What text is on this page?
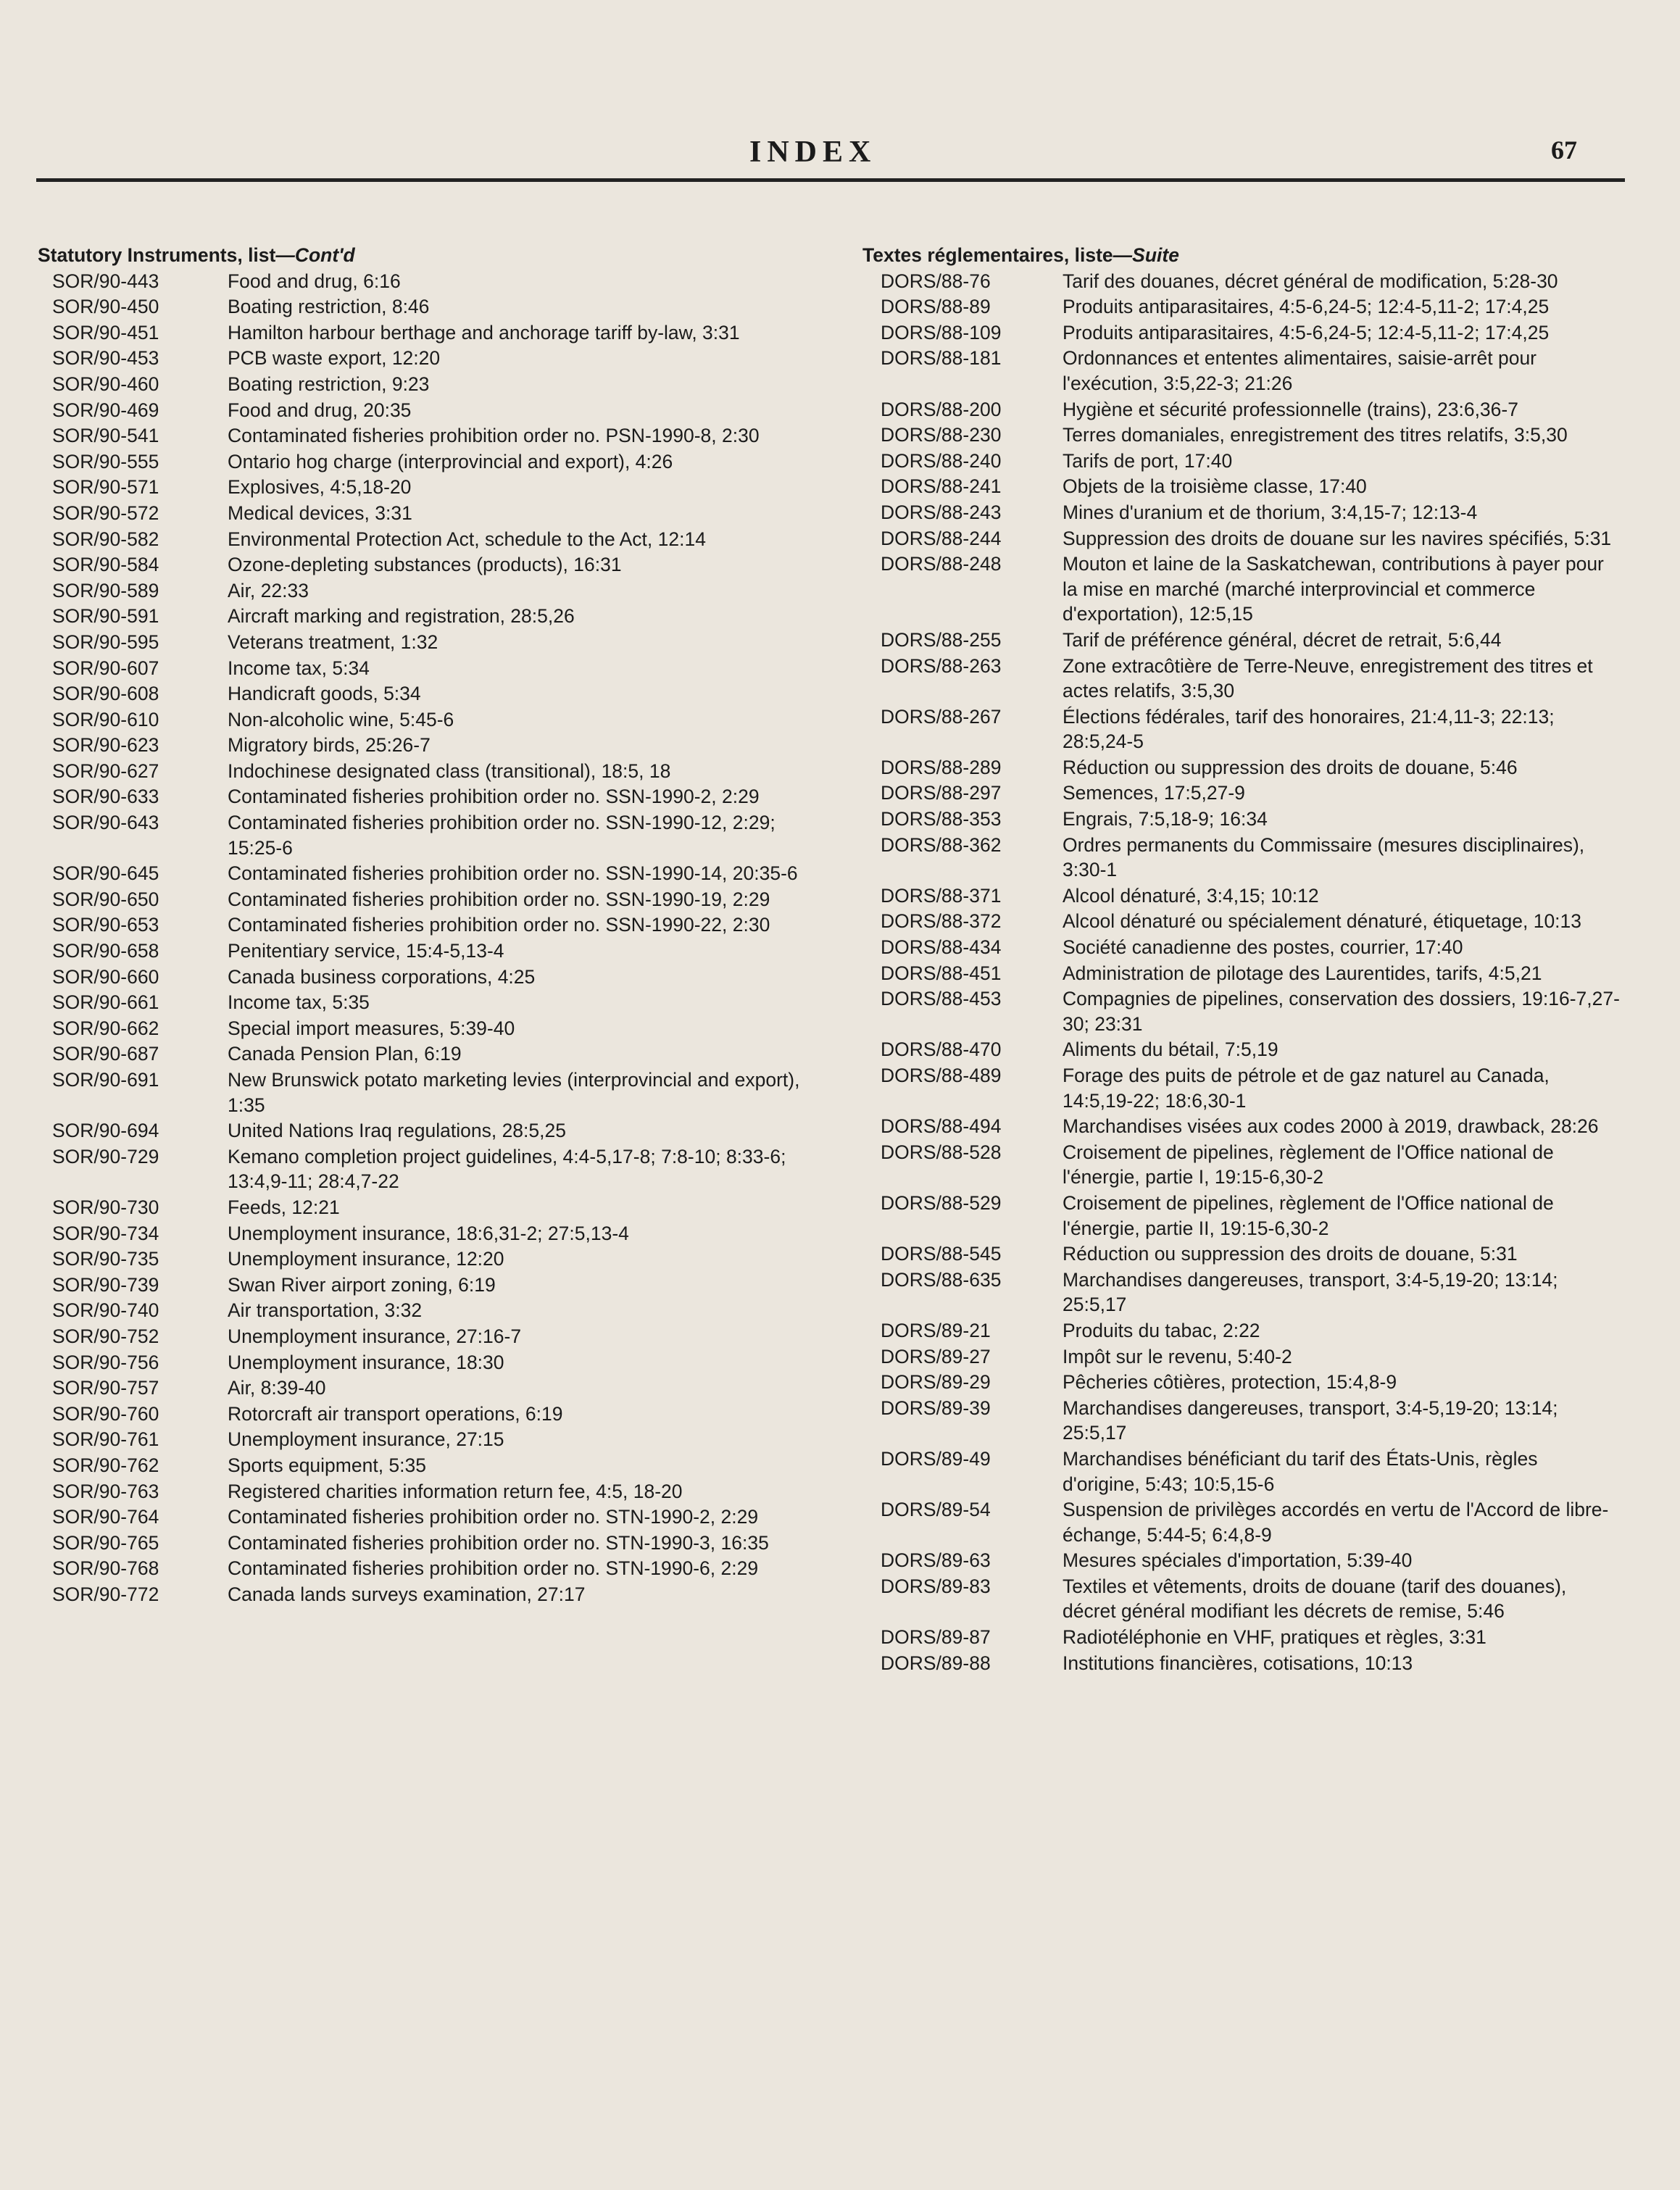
INDEX	67
Statutory Instruments, list—Cont'd
SOR/90-443	Food and drug, 6:16
SOR/90-450	Boating restriction, 8:46
SOR/90-451	Hamilton harbour berthage and anchorage tariff by-law, 3:31
SOR/90-453	PCB waste export, 12:20
SOR/90-460	Boating restriction, 9:23
SOR/90-469	Food and drug, 20:35
SOR/90-541	Contaminated fisheries prohibition order no. PSN-1990-8, 2:30
SOR/90-555	Ontario hog charge (interprovincial and export), 4:26
SOR/90-571	Explosives, 4:5,18-20
SOR/90-572	Medical devices, 3:31
SOR/90-582	Environmental Protection Act, schedule to the Act, 12:14
SOR/90-584	Ozone-depleting substances (products), 16:31
SOR/90-589	Air, 22:33
SOR/90-591	Aircraft marking and registration, 28:5,26
SOR/90-595	Veterans treatment, 1:32
SOR/90-607	Income tax, 5:34
SOR/90-608	Handicraft goods, 5:34
SOR/90-610	Non-alcoholic wine, 5:45-6
SOR/90-623	Migratory birds, 25:26-7
SOR/90-627	Indochinese designated class (transitional), 18:5, 18
SOR/90-633	Contaminated fisheries prohibition order no. SSN-1990-2, 2:29
SOR/90-643	Contaminated fisheries prohibition order no. SSN-1990-12, 2:29; 15:25-6
SOR/90-645	Contaminated fisheries prohibition order no. SSN-1990-14, 20:35-6
SOR/90-650	Contaminated fisheries prohibition order no. SSN-1990-19, 2:29
SOR/90-653	Contaminated fisheries prohibition order no. SSN-1990-22, 2:30
SOR/90-658	Penitentiary service, 15:4-5,13-4
SOR/90-660	Canada business corporations, 4:25
SOR/90-661	Income tax, 5:35
SOR/90-662	Special import measures, 5:39-40
SOR/90-687	Canada Pension Plan, 6:19
SOR/90-691	New Brunswick potato marketing levies (interprovincial and export), 1:35
SOR/90-694	United Nations Iraq regulations, 28:5,25
SOR/90-729	Kemano completion project guidelines, 4:4-5,17-8; 7:8-10; 8:33-6; 13:4,9-11; 28:4,7-22
SOR/90-730	Feeds, 12:21
SOR/90-734	Unemployment insurance, 18:6,31-2; 27:5,13-4
SOR/90-735	Unemployment insurance, 12:20
SOR/90-739	Swan River airport zoning, 6:19
SOR/90-740	Air transportation, 3:32
SOR/90-752	Unemployment insurance, 27:16-7
SOR/90-756	Unemployment insurance, 18:30
SOR/90-757	Air, 8:39-40
SOR/90-760	Rotorcraft air transport operations, 6:19
SOR/90-761	Unemployment insurance, 27:15
SOR/90-762	Sports equipment, 5:35
SOR/90-763	Registered charities information return fee, 4:5, 18-20
SOR/90-764	Contaminated fisheries prohibition order no. STN-1990-2, 2:29
SOR/90-765	Contaminated fisheries prohibition order no. STN-1990-3, 16:35
SOR/90-768	Contaminated fisheries prohibition order no. STN-1990-6, 2:29
SOR/90-772	Canada lands surveys examination, 27:17
Textes réglementaires, liste—Suite
DORS/88-76	Tarif des douanes, décret général de modification, 5:28-30
DORS/88-89	Produits antiparasitaires, 4:5-6,24-5; 12:4-5,11-2; 17:4,25
DORS/88-109	Produits antiparasitaires, 4:5-6,24-5; 12:4-5,11-2; 17:4,25
DORS/88-181	Ordonnances et ententes alimentaires, saisie-arrêt pour l'exécution, 3:5,22-3; 21:26
DORS/88-200	Hygiène et sécurité professionnelle (trains), 23:6,36-7
DORS/88-230	Terres domaniales, enregistrement des titres relatifs, 3:5,30
DORS/88-240	Tarifs de port, 17:40
DORS/88-241	Objets de la troisième classe, 17:40
DORS/88-243	Mines d'uranium et de thorium, 3:4,15-7; 12:13-4
DORS/88-244	Suppression des droits de douane sur les navires spécifiés, 5:31
DORS/88-248	Mouton et laine de la Saskatchewan, contributions à payer pour la mise en marché (marché interprovincial et commerce d'exportation), 12:5,15
DORS/88-255	Tarif de préférence général, décret de retrait, 5:6,44
DORS/88-263	Zone extracôtière de Terre-Neuve, enregistrement des titres et actes relatifs, 3:5,30
DORS/88-267	Élections fédérales, tarif des honoraires, 21:4,11-3; 22:13; 28:5,24-5
DORS/88-289	Réduction ou suppression des droits de douane, 5:46
DORS/88-297	Semences, 17:5,27-9
DORS/88-353	Engrais, 7:5,18-9; 16:34
DORS/88-362	Ordres permanents du Commissaire (mesures disciplinaires), 3:30-1
DORS/88-371	Alcool dénaturé, 3:4,15; 10:12
DORS/88-372	Alcool dénaturé ou spécialement dénaturé, étiquetage, 10:13
DORS/88-434	Société canadienne des postes, courrier, 17:40
DORS/88-451	Administration de pilotage des Laurentides, tarifs, 4:5,21
DORS/88-453	Compagnies de pipelines, conservation des dossiers, 19:16-7,27-30; 23:31
DORS/88-470	Aliments du bétail, 7:5,19
DORS/88-489	Forage des puits de pétrole et de gaz naturel au Canada, 14:5,19-22; 18:6,30-1
DORS/88-494	Marchandises visées aux codes 2000 à 2019, drawback, 28:26
DORS/88-528	Croisement de pipelines, règlement de l'Office national de l'énergie, partie I, 19:15-6,30-2
DORS/88-529	Croisement de pipelines, règlement de l'Office national de l'énergie, partie II, 19:15-6,30-2
DORS/88-545	Réduction ou suppression des droits de douane, 5:31
DORS/88-635	Marchandises dangereuses, transport, 3:4-5,19-20; 13:14; 25:5,17
DORS/89-21	Produits du tabac, 2:22
DORS/89-27	Impôt sur le revenu, 5:40-2
DORS/89-29	Pêcheries côtières, protection, 15:4,8-9
DORS/89-39	Marchandises dangereuses, transport, 3:4-5,19-20; 13:14; 25:5,17
DORS/89-49	Marchandises bénéficiant du tarif des États-Unis, règles d'origine, 5:43; 10:5,15-6
DORS/89-54	Suspension de privilèges accordés en vertu de l'Accord de libre-échange, 5:44-5; 6:4,8-9
DORS/89-63	Mesures spéciales d'importation, 5:39-40
DORS/89-83	Textiles et vêtements, droits de douane (tarif des douanes), décret général modifiant les décrets de remise, 5:46
DORS/89-87	Radiotéléphonie en VHF, pratiques et règles, 3:31
DORS/89-88	Institutions financières, cotisations, 10:13
